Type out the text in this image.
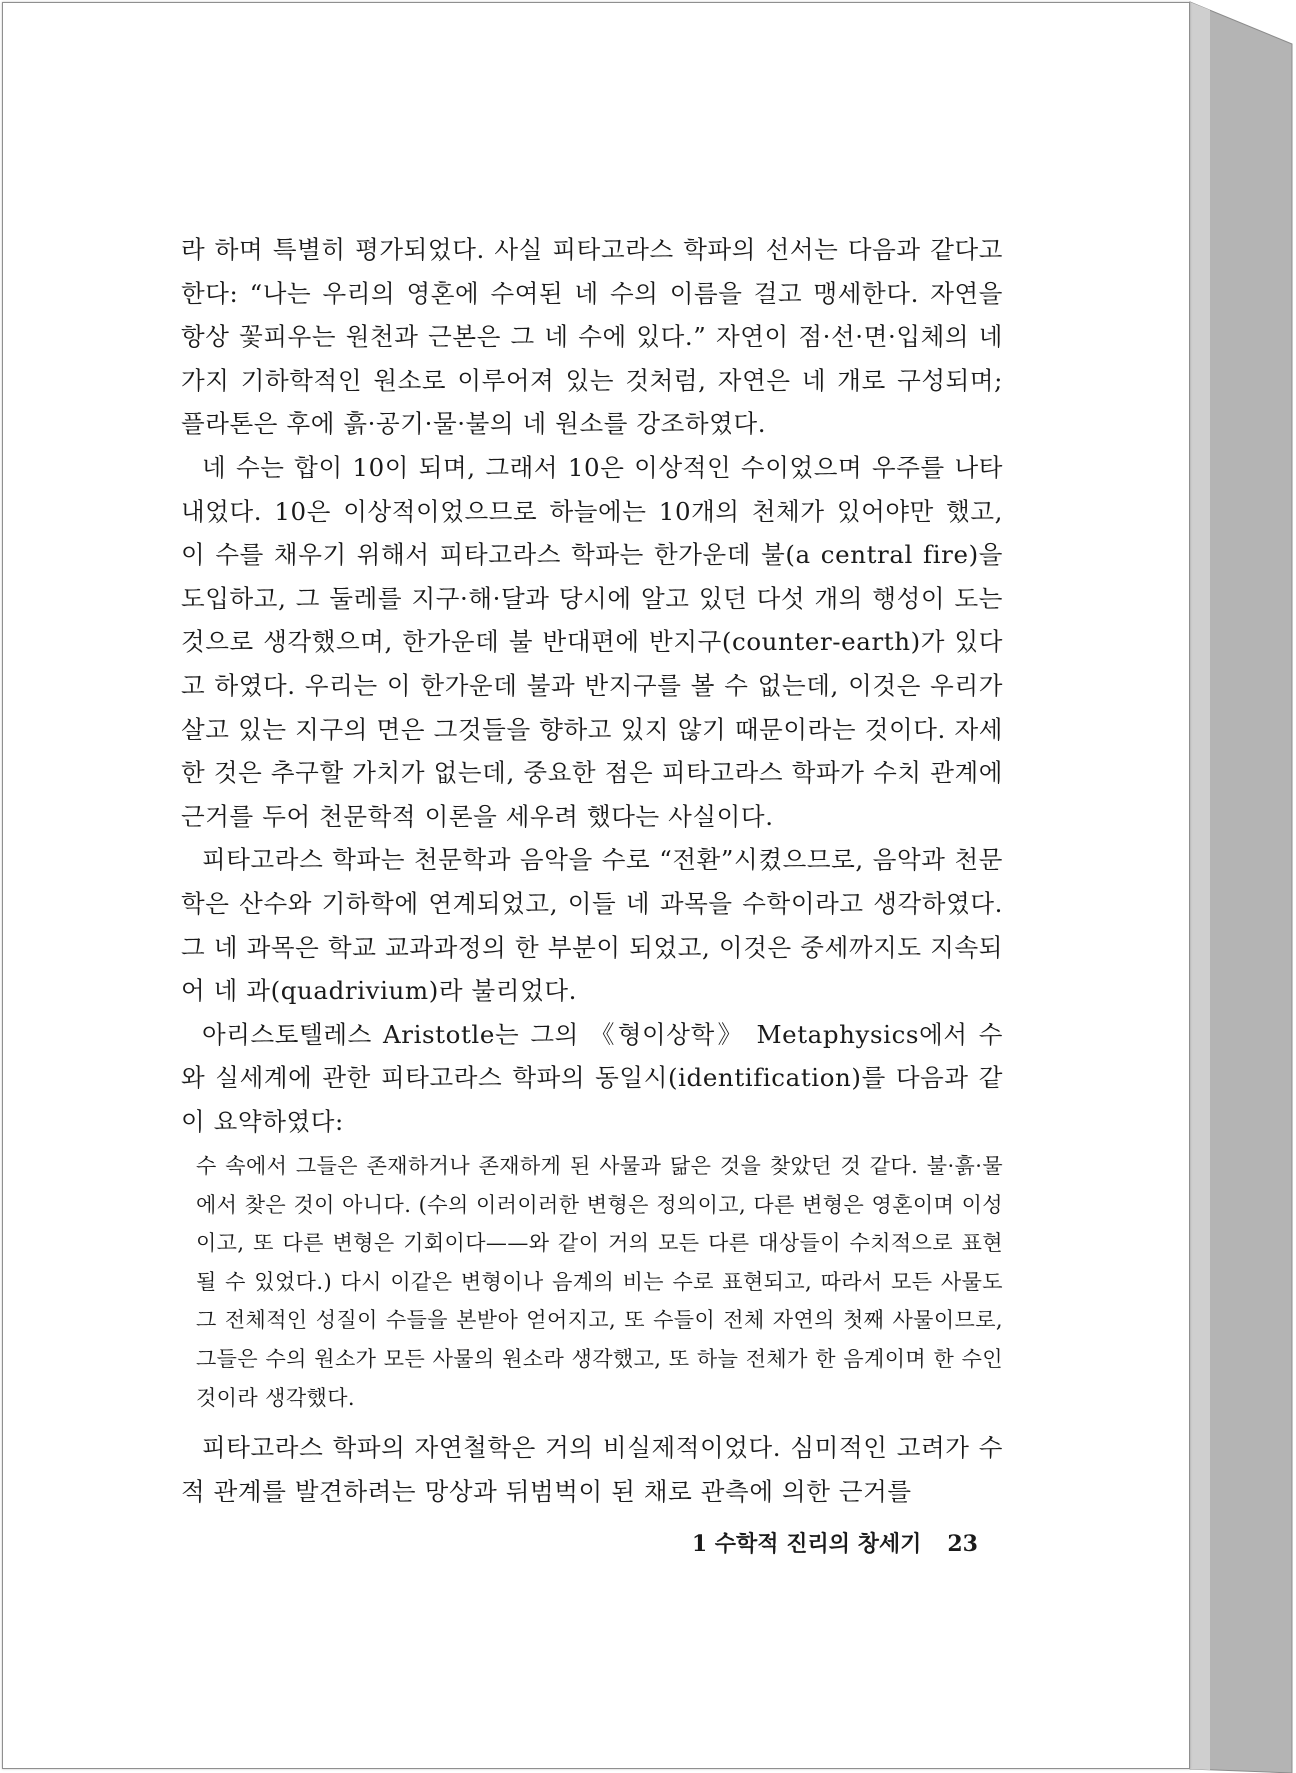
라 하며 특별히 평가되었다. 사실 피타고라스 학파의 선서는 다음과 같다고 한다: “나는 우리의 영혼에 수여된 네 수의 이름을 걸고 맹세한다. 자연을 항상 꽃피우는 원천과 근본은 그 네 수에 있다.” 자연이 점·선·면·입체의 네 가지 기하학적인 원소로 이루어져 있는 것처럼, 자연은 네 개로 구성되며; 플라톤은 후에 흙·공기·물·불의 네 원소를 강조하였다.

네 수는 합이 10이 되며, 그래서 10은 이상적인 수이었으며 우주를 나타내었다. 10은 이상적이었으므로 하늘에는 10개의 천체가 있어야만 했고, 이 수를 채우기 위해서 피타고라스 학파는 한가운데 불(a central fire)을 도입하고, 그 둘레를 지구·해·달과 당시에 알고 있던 다섯 개의 행성이 도는 것으로 생각했으며, 한가운데 불 반대편에 반지구(counter-earth)가 있다고 하였다. 우리는 이 한가운데 불과 반지구를 볼 수 없는데, 이것은 우리가 살고 있는 지구의 면은 그것들을 향하고 있지 않기 때문이라는 것이다. 자세한 것은 추구할 가치가 없는데, 중요한 점은 피타고라스 학파가 수치 관계에 근거를 두어 천문학적 이론을 세우려 했다는 사실이다.

피타고라스 학파는 천문학과 음악을 수로 “전환”시켰으므로, 음악과 천문학은 산수와 기하학에 연계되었고, 이들 네 과목을 수학이라고 생각하였다. 그 네 과목은 학교 교과과정의 한 부분이 되었고, 이것은 중세까지도 지속되어 네 과(quadrivium)라 불리었다.

아리스토텔레스 Aristotle는 그의 《형이상학》 Metaphysics에서 수와 실세계에 관한 피타고라스 학파의 동일시(identification)를 다음과 같이 요약하였다:

수 속에서 그들은 존재하거나 존재하게 된 사물과 닮은 것을 찾았던 것 같다. 불·흙·물에서 찾은 것이 아니다. (수의 이러이러한 변형은 정의이고, 다른 변형은 영혼이며 이성이고, 또 다른 변형은 기회이다——와 같이 거의 모든 다른 대상들이 수치적으로 표현될 수 있었다.) 다시 이같은 변형이나 음계의 비는 수로 표현되고, 따라서 모든 사물도 그 전체적인 성질이 수들을 본받아 얻어지고, 또 수들이 전체 자연의 첫째 사물이므로, 그들은 수의 원소가 모든 사물의 원소라 생각했고, 또 하늘 전체가 한 음계이며 한 수인 것이라 생각했다.

피타고라스 학파의 자연철학은 거의 비실제적이었다. 심미적인 고려가 수적 관계를 발견하려는 망상과 뒤범벅이 된 채로 관측에 의한 근거를

1 수학적 진리의 창세기 23
